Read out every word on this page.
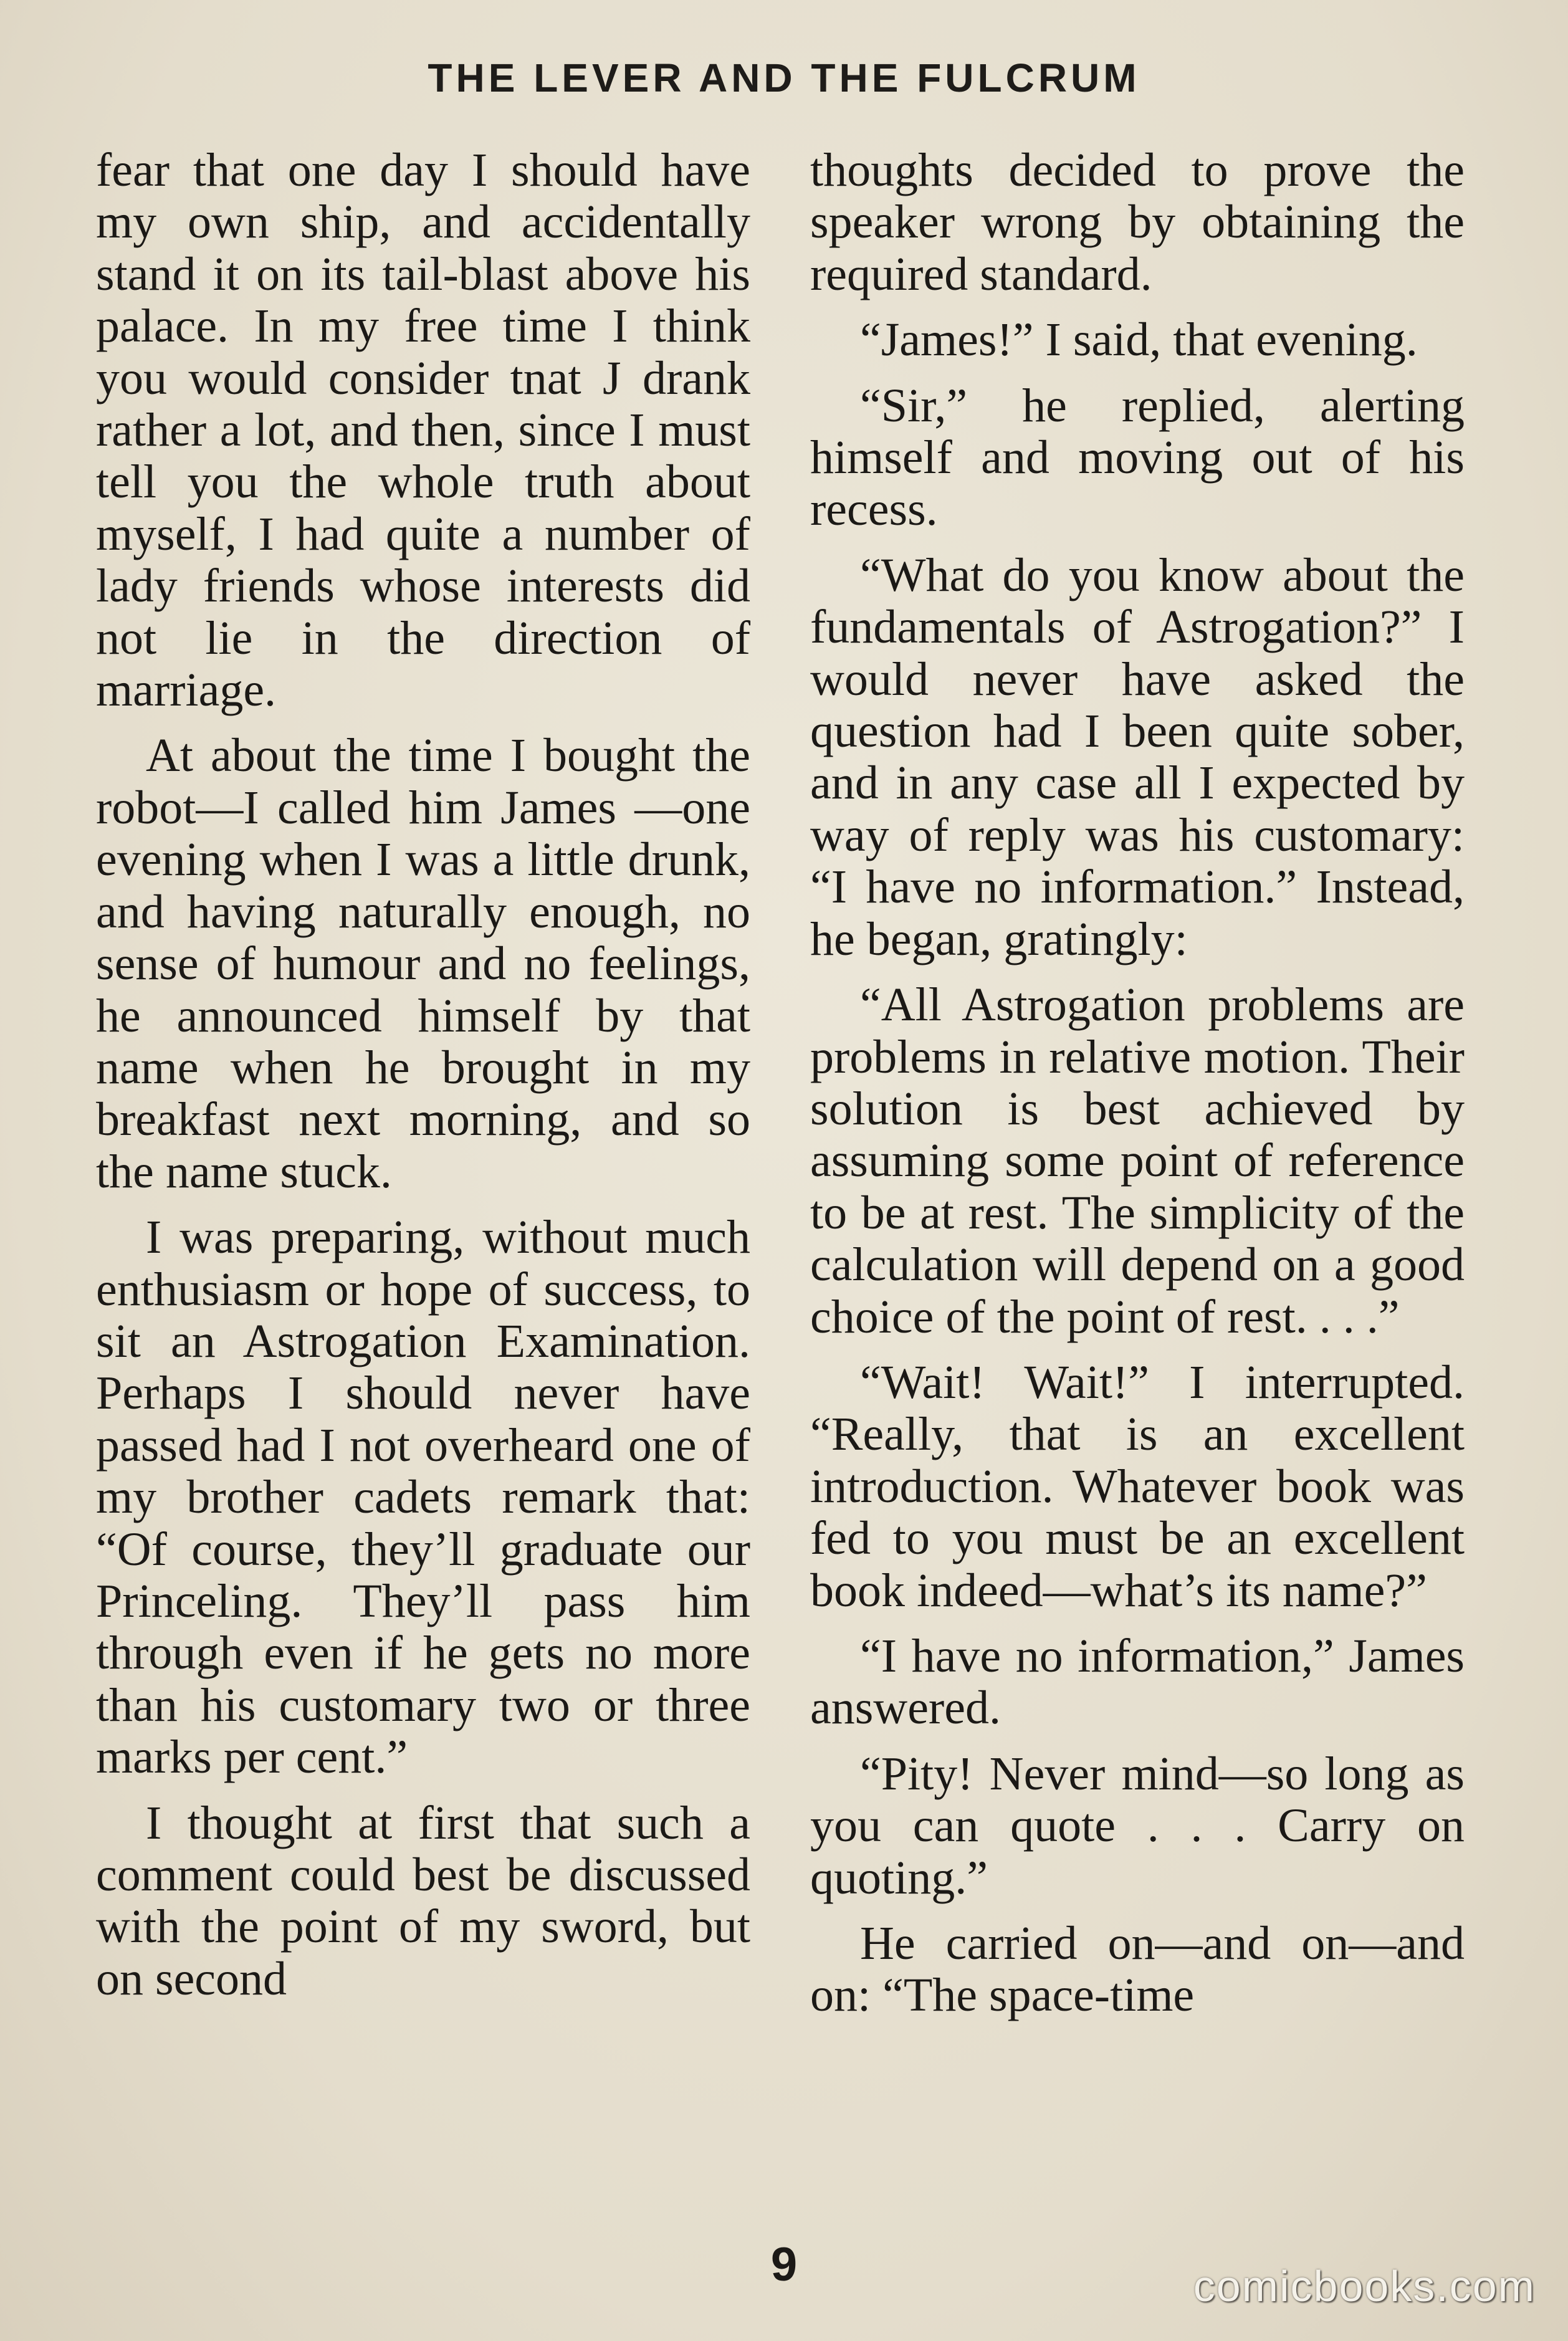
THE LEVER AND THE FULCRUM

fear that one day I should have my own ship, and accidentally stand it on its tail-blast above his palace. In my free time I think you would consider tnat J drank rather a lot, and then, since I must tell you the whole truth about myself, I had quite a number of lady friends whose interests did not lie in the direction of marriage.

At about the time I bought the robot—I called him James —one evening when I was a little drunk, and having naturally enough, no sense of humour and no feelings, he announced himself by that name when he brought in my breakfast next morning, and so the name stuck.

I was preparing, without much enthusiasm or hope of success, to sit an Astrogation Examination. Perhaps I should never have passed had I not overheard one of my brother cadets remark that: “Of course, they’ll graduate our Princeling. They’ll pass him through even if he gets no more than his customary two or three marks per cent.”

I thought at first that such a comment could best be discussed with the point of my sword, but on second

thoughts decided to prove the speaker wrong by obtaining the required standard.

“James!” I said, that evening.

“Sir,” he replied, alerting himself and moving out of his recess.

“What do you know about the fundamentals of Astrogation?” I would never have asked the question had I been quite sober, and in any case all I expected by way of reply was his customary: “I have no information.” Instead, he began, gratingly:

“All Astrogation problems are problems in relative motion. Their solution is best achieved by assuming some point of reference to be at rest. The simplicity of the calculation will depend on a good choice of the point of rest. . . .”

“Wait! Wait!” I interrupted. “Really, that is an excellent introduction. Whatever book was fed to you must be an excellent book indeed—what’s its name?”

“I have no information,” James answered.

“Pity! Never mind—so long as you can quote . . . Carry on quoting.”

He carried on—and on—and on: “The space-time

9	comicbooks.com
